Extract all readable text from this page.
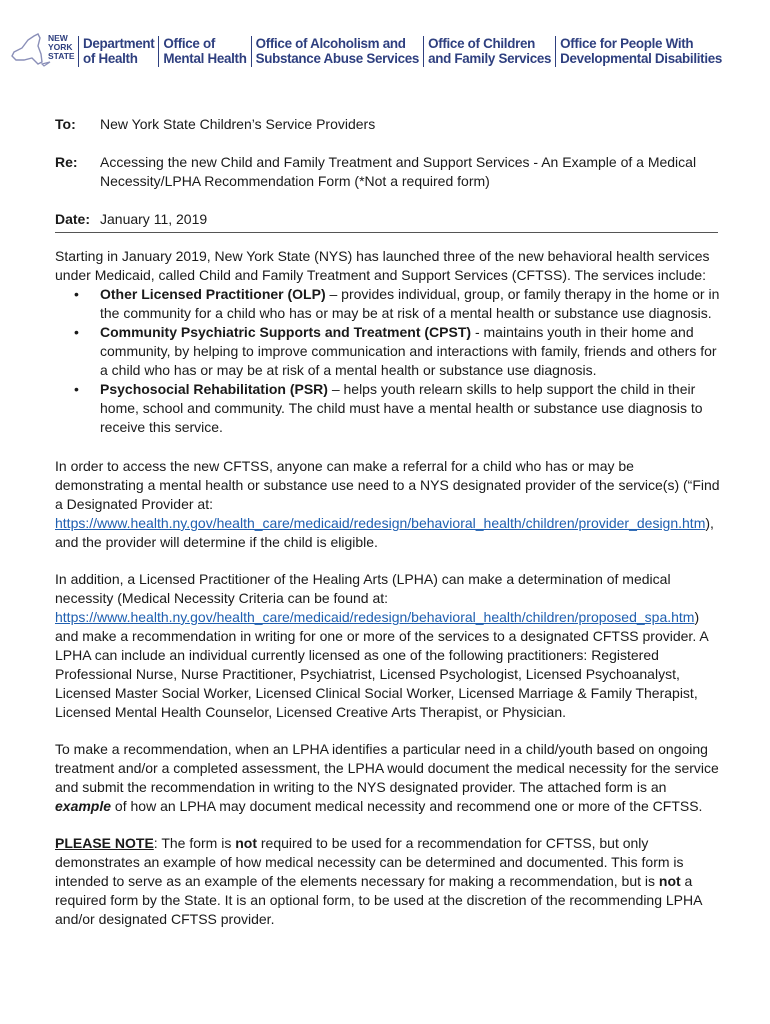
NEW
YORK
STATE
Department
of Health
Office of
Mental Health
Office of Alcoholism and
Substance Abuse Services
Office of Children
and Family Services
Office for People With
Developmental Disabilities
To: New York State Children’s Service Providers
Re: Accessing the new Child and Family Treatment and Support Services - An Example of a Medical Necessity/LPHA Recommendation Form (*Not a required form)
Date: January 11, 2019

Starting in January 2019, New York State (NYS) has launched three of the new behavioral health services under Medicaid, called Child and Family Treatment and Support Services (CFTSS). The services include:

• Other Licensed Practitioner (OLP) – provides individual, group, or family therapy in the home or in the community for a child who has or may be at risk of a mental health or substance use diagnosis.
• Community Psychiatric Supports and Treatment (CPST) - maintains youth in their home and community, by helping to improve communication and interactions with family, friends and others for a child who has or may be at risk of a mental health or substance use diagnosis.
• Psychosocial Rehabilitation (PSR) – helps youth relearn skills to help support the child in their home, school and community. The child must have a mental health or substance use diagnosis to receive this service.

In order to access the new CFTSS, anyone can make a referral for a child who has or may be demonstrating a mental health or substance use need to a NYS designated provider of the service(s) (“Find a Designated Provider at: https://www.health.ny.gov/health_care/medicaid/redesign/behavioral_health/children/provider_design.htm), and the provider will determine if the child is eligible.

In addition, a Licensed Practitioner of the Healing Arts (LPHA) can make a determination of medical necessity (Medical Necessity Criteria can be found at: https://www.health.ny.gov/health_care/medicaid/redesign/behavioral_health/children/proposed_spa.htm) and make a recommendation in writing for one or more of the services to a designated CFTSS provider. A LPHA can include an individual currently licensed as one of the following practitioners: Registered Professional Nurse, Nurse Practitioner, Psychiatrist, Licensed Psychologist, Licensed Psychoanalyst, Licensed Master Social Worker, Licensed Clinical Social Worker, Licensed Marriage & Family Therapist, Licensed Mental Health Counselor, Licensed Creative Arts Therapist, or Physician.

To make a recommendation, when an LPHA identifies a particular need in a child/youth based on ongoing treatment and/or a completed assessment, the LPHA would document the medical necessity for the service and submit the recommendation in writing to the NYS designated provider. The attached form is an example of how an LPHA may document medical necessity and recommend one or more of the CFTSS.

PLEASE NOTE: The form is not required to be used for a recommendation for CFTSS, but only demonstrates an example of how medical necessity can be determined and documented. This form is intended to serve as an example of the elements necessary for making a recommendation, but is not a required form by the State. It is an optional form, to be used at the discretion of the recommending LPHA and/or designated CFTSS provider.
